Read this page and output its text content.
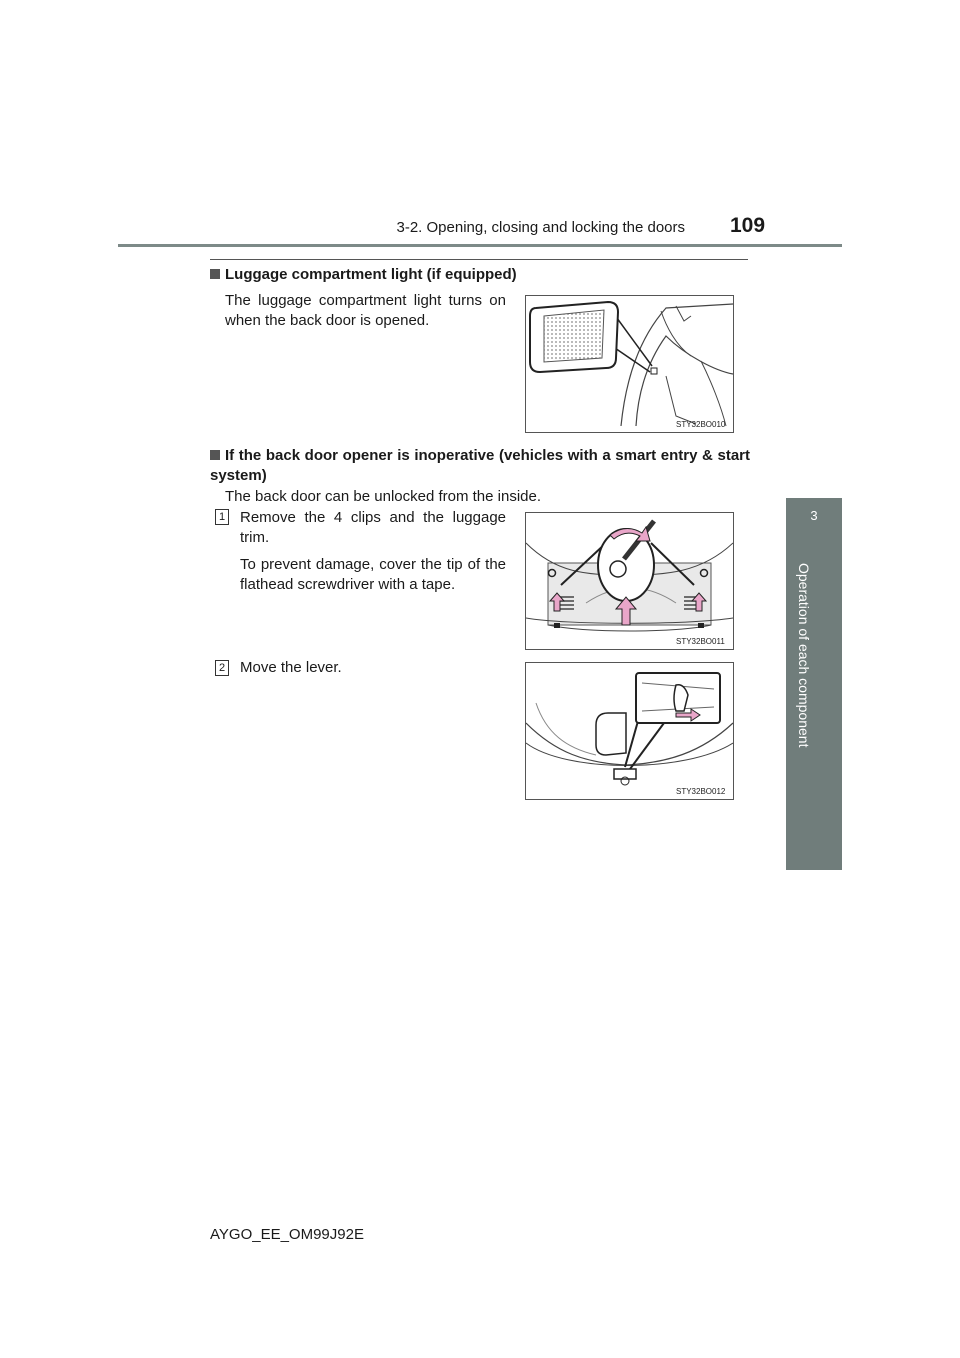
3-2. Opening, closing and locking the doors 109
3
Operation of each component
Luggage compartment light (if equipped)
The luggage compartment light turns on when the back door is opened.
STY32BO010
If the back door opener is inoperative (vehicles with a smart entry & start system)
The back door can be unlocked from the inside.
1 Remove the 4 clips and the luggage trim.
To prevent damage, cover the tip of the flathead screwdriver with a tape.
STY32BO011
2 Move the lever.
STY32BO012
AYGO_EE_OM99J92E
